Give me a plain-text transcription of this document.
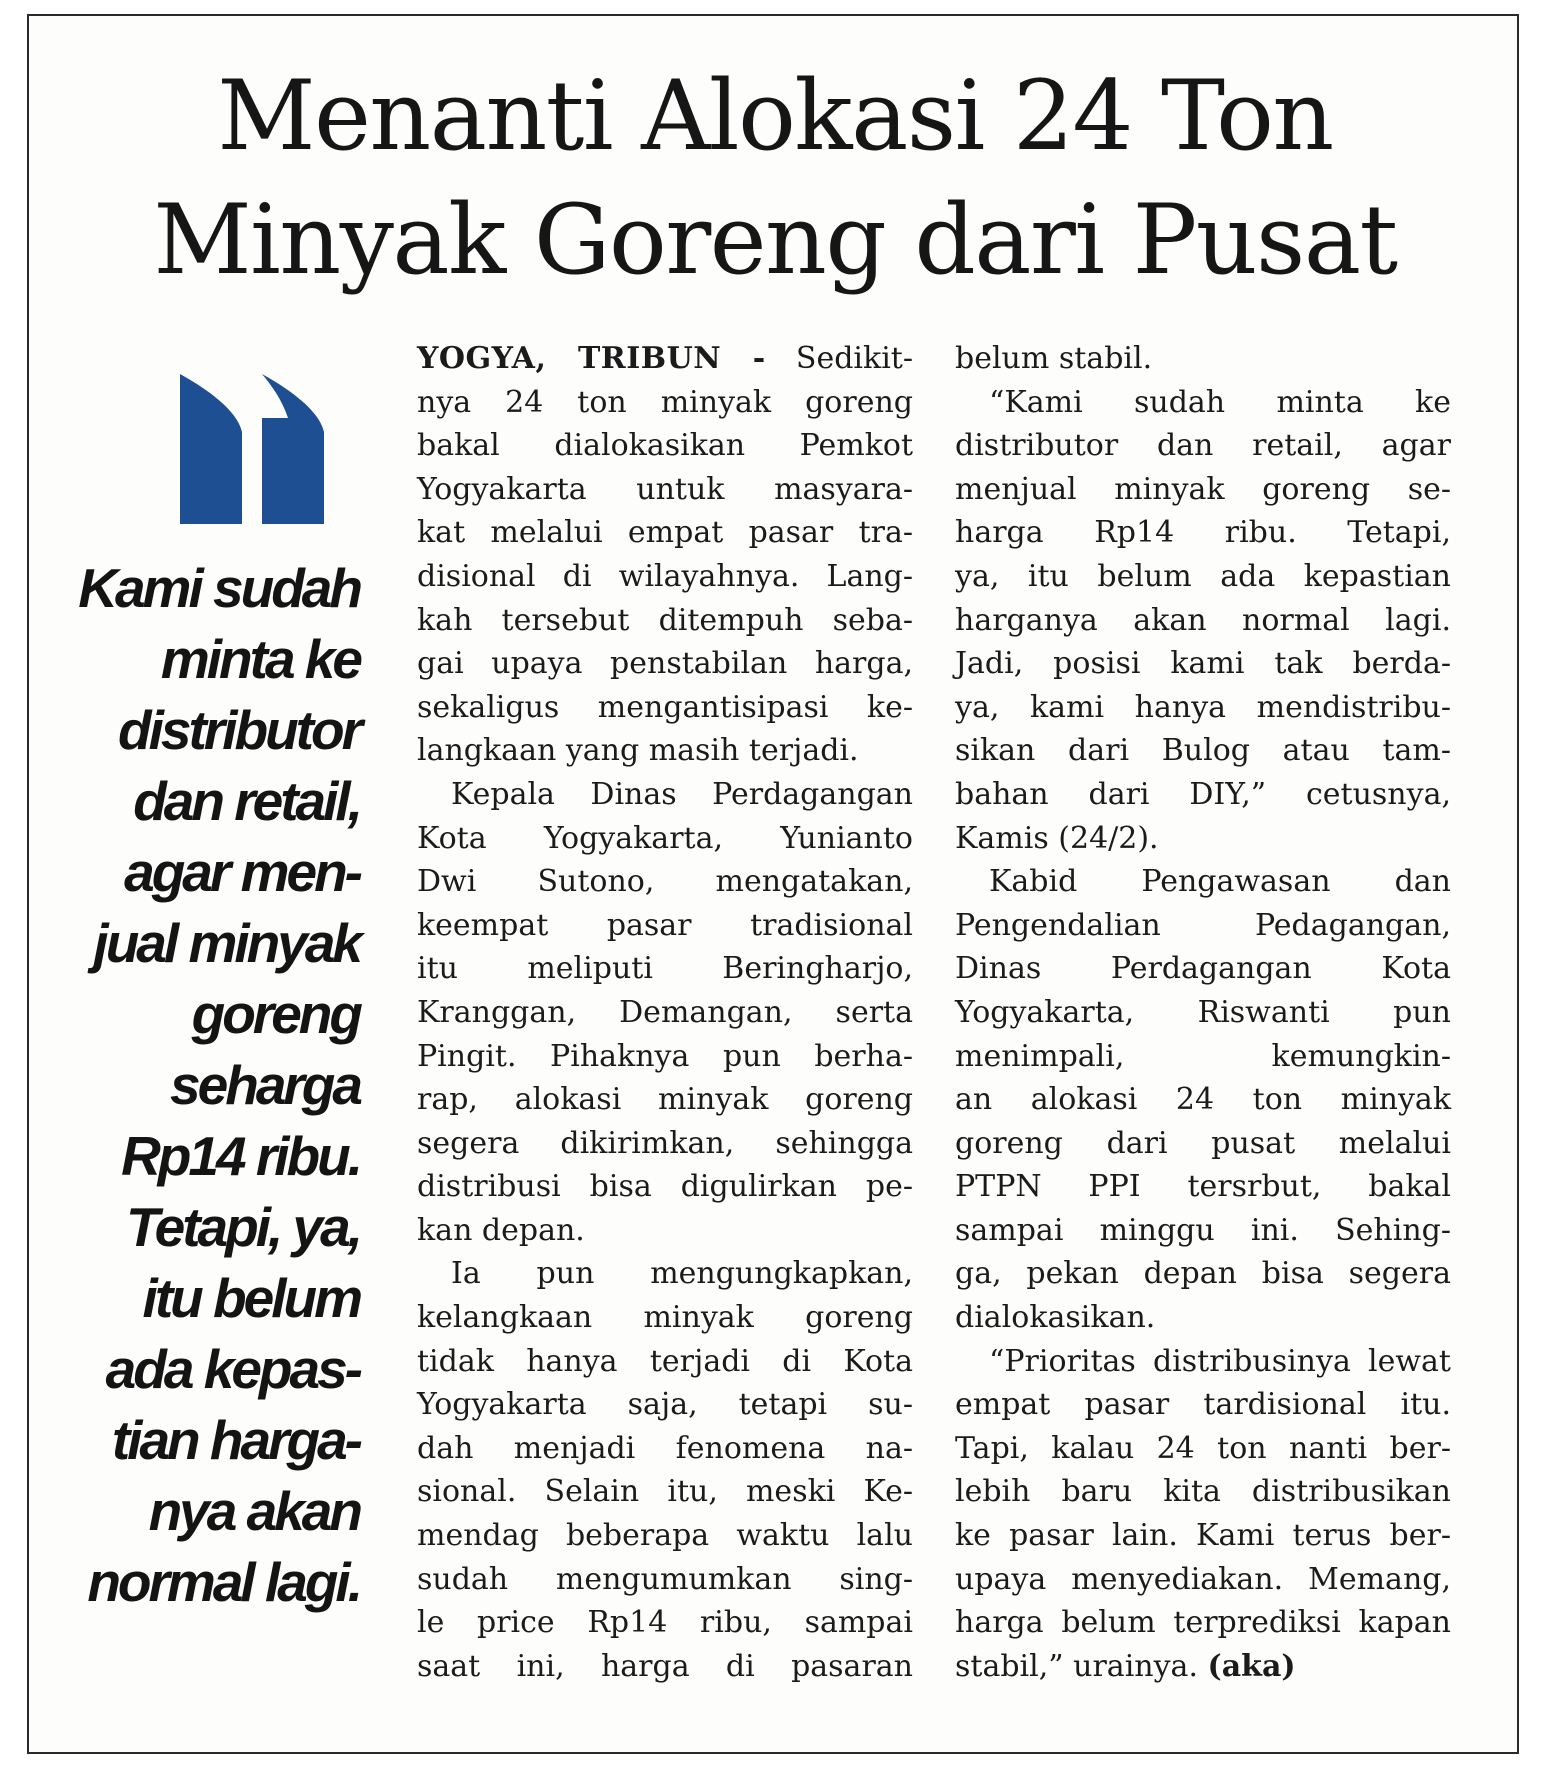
Menanti Alokasi 24 Ton
Minyak Goreng dari Pusat
Kami sudah
minta ke
distributor
dan retail,
agar men-
jual minyak
goreng
seharga
Rp14 ribu.
Tetapi, ya,
itu belum
ada kepas-
tian harga-
nya akan
normal lagi.

YOGYA, TRIBUN - Sedikit-
nya 24 ton minyak goreng
bakal dialokasikan Pemkot
Yogyakarta untuk masyara-
kat melalui empat pasar tra-
disional di wilayahnya. Lang-
kah tersebut ditempuh seba-
gai upaya penstabilan harga,
sekaligus mengantisipasi ke-
langkaan yang masih terjadi.

Kepala Dinas Perdagangan
Kota Yogyakarta, Yunianto
Dwi Sutono, mengatakan,
keempat pasar tradisional
itu meliputi Beringharjo,
Kranggan, Demangan, serta
Pingit. Pihaknya pun berha-
rap, alokasi minyak goreng
segera dikirimkan, sehingga
distribusi bisa digulirkan pe-
kan depan.

Ia pun mengungkapkan,
kelangkaan minyak goreng
tidak hanya terjadi di Kota
Yogyakarta saja, tetapi su-
dah menjadi fenomena na-
sional. Selain itu, meski Ke-
mendag beberapa waktu lalu
sudah mengumumkan sing-
le price Rp14 ribu, sampai
saat ini, harga di pasaran

belum stabil.

“Kami sudah minta ke
distributor dan retail, agar
menjual minyak goreng se-
harga Rp14 ribu. Tetapi,
ya, itu belum ada kepastian
harganya akan normal lagi.
Jadi, posisi kami tak berda-
ya, kami hanya mendistribu-
sikan dari Bulog atau tam-
bahan dari DIY,” cetusnya,
Kamis (24/2).

Kabid Pengawasan dan
Pengendalian Pedagangan,
Dinas Perdagangan Kota
Yogyakarta, Riswanti pun
menimpali, kemungkin-
an alokasi 24 ton minyak
goreng dari pusat melalui
PTPN PPI tersrbut, bakal
sampai minggu ini. Sehing-
ga, pekan depan bisa segera
dialokasikan.

“Prioritas distribusinya lewat
empat pasar tardisional itu.
Tapi, kalau 24 ton nanti ber-
lebih baru kita distribusikan
ke pasar lain. Kami terus ber-
upaya menyediakan. Memang,
harga belum terprediksi kapan
stabil,” urainya. (aka)
